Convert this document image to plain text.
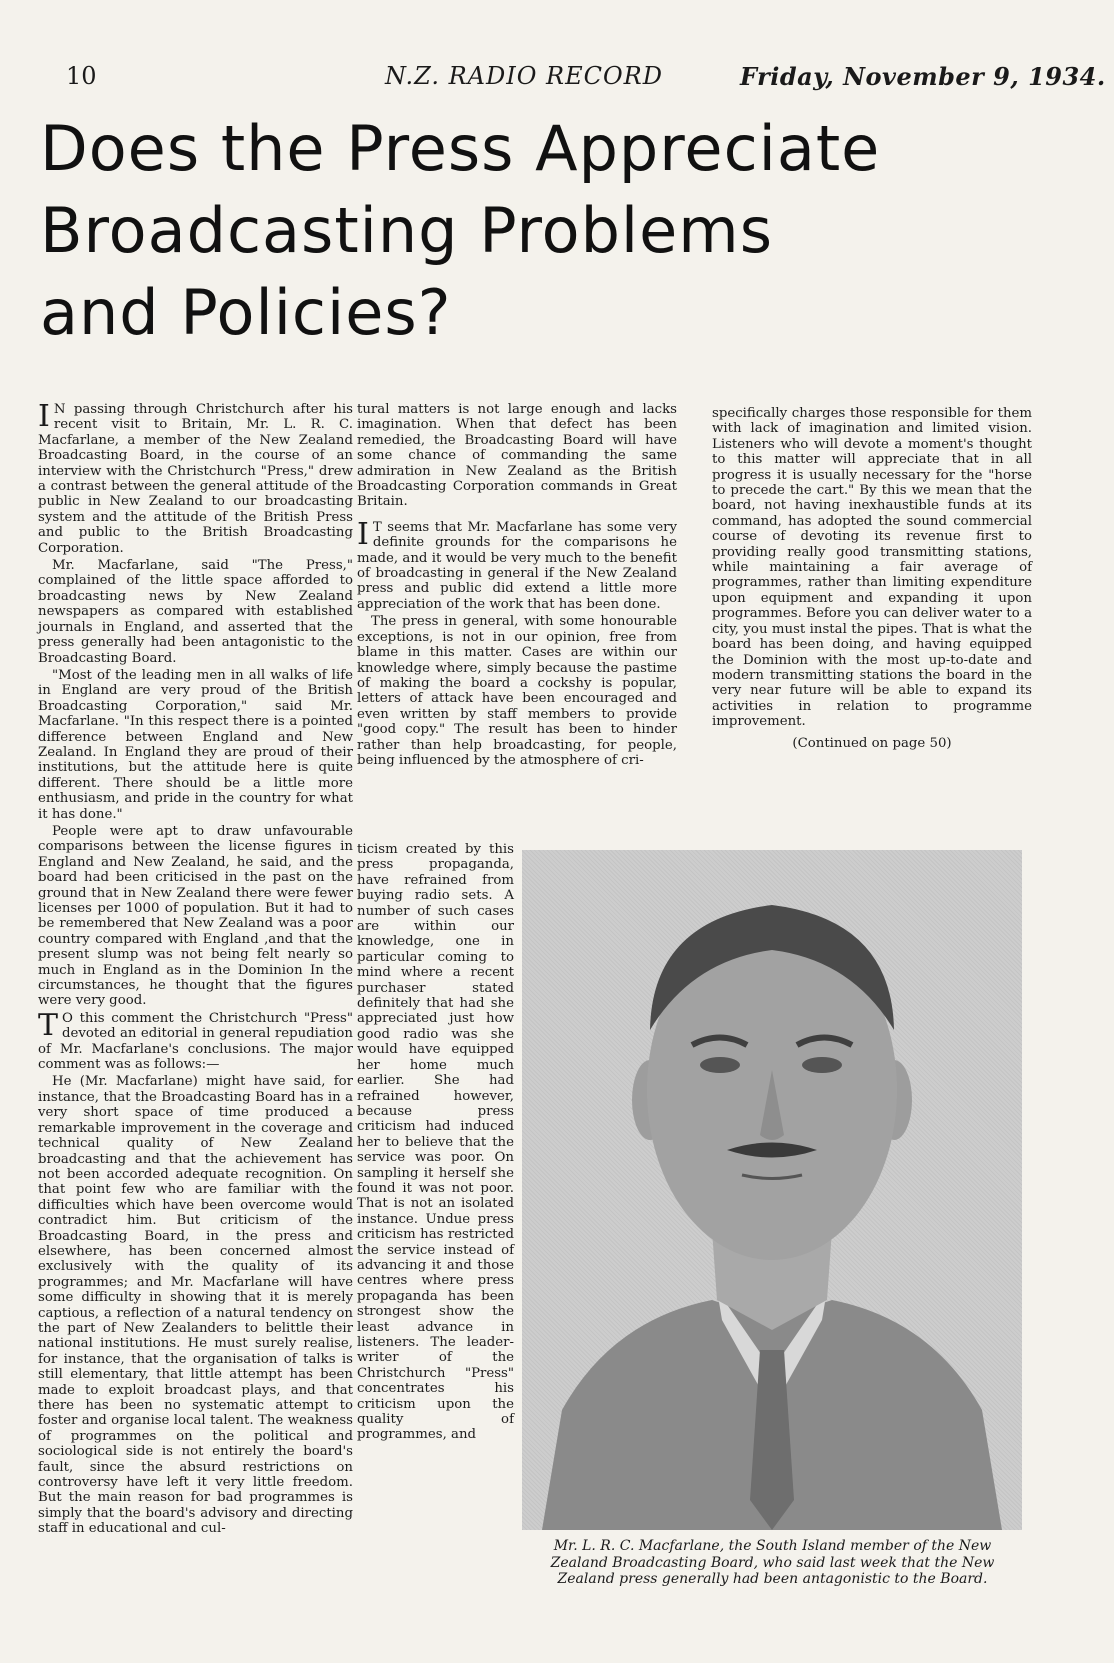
10	N.Z. RADIO RECORD	Friday, November 9, 1934.
Does the Press Appreciate
Broadcasting Problems
and Policies?

I N passing through Christchurch after his recent visit to Britain, Mr. L. R. C. Macfarlane, a member of the New Zealand Broadcasting Board, in the course of an interview with the Christchurch "Press," drew a contrast between the general attitude of the public in New Zealand to our broadcasting system and the attitude of the British Press and public to the British Broadcasting Corporation.

Mr. Macfarlane, said "The Press," complained of the little space afforded to broadcasting news by New Zealand newspapers as compared with established journals in England, and asserted that the press generally had been antagonistic to the Broadcasting Board.

"Most of the leading men in all walks of life in England are very proud of the British Broadcasting Corporation," said Mr. Macfarlane. "In this respect there is a pointed difference between England and New Zealand. In England they are proud of their institutions, but the attitude here is quite different. There should be a little more enthusiasm, and pride in the country for what it has done."

People were apt to draw unfavourable comparisons between the license figures in England and New Zealand, he said, and the board had been criticised in the past on the ground that in New Zealand there were fewer licenses per 1000 of population. But it had to be remembered that New Zealand was a poor country compared with England ,and that the present slump was not being felt nearly so much in England as in the Dominion In the circumstances, he thought that the figures were very good.

T O this comment the Christchurch "Press" devoted an editorial in general repudiation of Mr. Macfarlane's conclusions. The major comment was as follows:—

He (Mr. Macfarlane) might have said, for instance, that the Broadcasting Board has in a very short space of time produced a remarkable improvement in the coverage and technical quality of New Zealand broadcasting and that the achievement has not been accorded adequate recognition. On that point few who are familiar with the difficulties which have been overcome would contradict him. But criticism of the Broadcasting Board, in the press and elsewhere, has been concerned almost exclusively with the quality of its programmes; and Mr. Macfarlane will have some difficulty in showing that it is merely captious, a reflection of a natural tendency on the part of New Zealanders to belittle their national institutions. He must surely realise, for instance, that the organisation of talks is still elementary, that little attempt has been made to exploit broadcast plays, and that there has been no systematic attempt to foster and organise local talent. The weakness of programmes on the political and sociological side is not entirely the board's fault, since the absurd restrictions on controversy have left it very little freedom. But the main reason for bad programmes is simply that the board's advisory and directing staff in educational and cul-

tural matters is not large enough and lacks imagination. When that defect has been remedied, the Broadcasting Board will have some chance of commanding the same admiration in New Zealand as the British Broadcasting Corporation commands in Great Britain.

I T seems that Mr. Macfarlane has some very definite grounds for the comparisons he made, and it would be very much to the benefit of broadcasting in general if the New Zealand press and public did extend a little more appreciation of the work that has been done.

The press in general, with some honourable exceptions, is not in our opinion, free from blame in this matter. Cases are within our knowledge where, simply because the pastime of making the board a cockshy is popular, letters of attack have been encouraged and even written by staff members to provide "good copy." The result has been to hinder rather than help broadcasting, for people, being influenced by the atmosphere of cri-

ticism created by this press propaganda, have refrained from buying radio sets. A number of such cases are within our knowledge, one in particular coming to mind where a recent purchaser stated definitely that had she appreciated just how good radio was she would have equipped her home much earlier. She had refrained however, because press criticism had induced her to believe that the service was poor. On sampling it herself she found it was not poor. That is not an isolated instance. Undue press criticism has restricted the service instead of advancing it and those centres where press propaganda has been strongest show the least advance in listeners. The leader-writer of the Christchurch "Press" concentrates his criticism upon the quality of programmes, and

specifically charges those responsible for them with lack of imagination and limited vision. Listeners who will devote a moment's thought to this matter will appreciate that in all progress it is usually necessary for the "horse to precede the cart." By this we mean that the board, not having inexhaustible funds at its command, has adopted the sound commercial course of devoting its revenue first to providing really good transmitting stations, while maintaining a fair average of programmes, rather than limiting expenditure upon equipment and expanding it upon programmes. Before you can deliver water to a city, you must instal the pipes. That is what the board has been doing, and having equipped the Dominion with the most up-to-date and modern transmitting stations the board in the very near future will be able to expand its activities in relation to programme improvement.

(Continued on page 50)

Mr. L. R. C. Macfarlane, the South Island member of the New Zealand Broadcasting Board, who said last week that the New Zealand press generally had been antagonistic to the Board.
